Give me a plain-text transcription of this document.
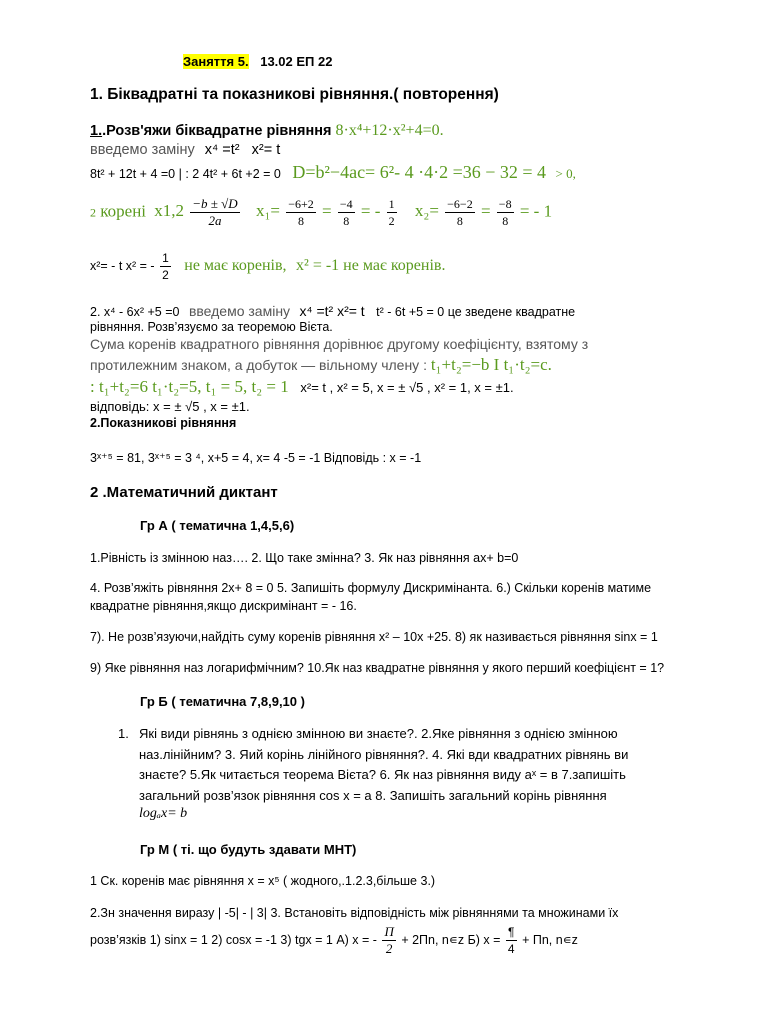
Заняття 5. 13.02 ЕП 22
1. Біквадратні та показникові рівняння.( повторення)
1..Розв'яжи біквадратне рівняння 8·x⁴+12·x²+4=0.
введемо заміну x⁴ =t² x²= t
8t² + 12t + 4 =0 | : 2 4t² + 6t +2 = 0 D=b²−4ac= 6²- 4 ·4·2 =36 − 32 = 4 > 0,
2 корені $x1,2 \frac{-b \pm √D}{2a} x_1= \frac{-6+2}{8} = \frac{-4}{8}$ = - $\frac{1}{2} x_2= \frac{-6-2}{8} = \frac{-8}{8}$ = - 1
x²= - t x² = - $\frac{1}{2}$ не має коренів, x² = -1 не має коренів.
2. x⁴ - 6x² +5 =0 введемо заміну x⁴ =t² x²= t t² - 6t +5 = 0 це зведене квадратне
рівняння. Розв’язуємо за теоремою Вієта.
Сума коренів квадратного рівняння дорівнює другому коефіцієнту, взятому з
протилежним знаком, а добуток — вільному члену : t₁+t₂=−b I t₁·t₂=c.
: t₁+t₂=6 t₁·t₂=5, t₁ = 5, t₂ = 1 x²= t , x² = 5, x = ± √5 , x² = 1, x = ±1.
відповідь: x = ± √5 , x = ±1.
2.Показникові рівняння
3ˣ⁺⁵ = 81, 3ˣ⁺⁵ = 3 ⁴, x+5 = 4, x= 4 -5 = -1 Відповідь : x = -1
2 .Математичний диктант
Гр А ( тематична 1,4,5,6)
1.Рівність із змінною наз…. 2. Що таке змінна? 3. Як наз рівняння ax+ b=0
4. Розв’яжіть рівняння 2x+ 8 = 0 5. Запишіть формулу Дискримінанта. 6.) Скільки коренів матиме
квадратне рівняння,якщо дискримінант = - 16.
7). Не розв’язуючи,найдіть суму коренів рівняння x² – 10x +25. 8) як називається рівняння sinx = 1
9) Яке рівняння наз логарифмічним? 10.Як наз квадратне рівняння у якого перший коефіцієнт = 1?
Гр Б ( тематична 7,8,9,10 )
1. Які види рівнянь з однією змінною ви знаєте?. 2.Яке рівняння з однією змінною
наз.лінійним? 3. Яий корінь лінійного рівняння?. 4. Які вди квадратних рівнянь ви
знаєте? 5.Як читається теорема Вієта? 6. Як наз рівняння виду aˣ = в 7.запишіть
загальний розв’язок рівняння cos x = a 8. Запишіть загальний корінь рівняння
logₐx= b
Гр М ( ті. що будуть здавати МНТ)
1 Ск. коренів має рівняння x = x⁵ ( жодного,.1.2.3,більше 3.)
2.Зн значення виразу | -5| - | 3| 3. Встановіть відповідність між рівняннями та множинами їх
розв’язків 1) sinx = 1 2) cosx = -1 3) tgx = 1 А) x = - $\frac{П}{2} + 2Пn$, n∊z Б) $x = \frac{\P}{4}$ + Пn, n∊z
